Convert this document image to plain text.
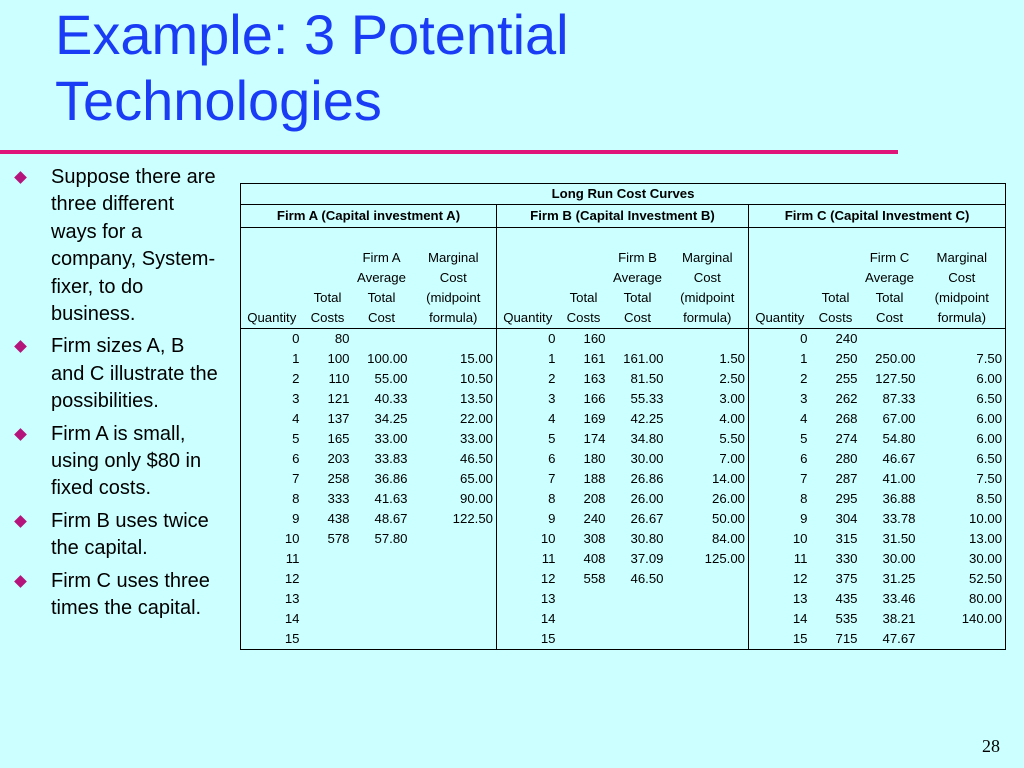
Example: 3 Potential
Technologies
Suppose there are three different ways for a company, System-fixer, to do business.
Firm sizes A, B and C illustrate the possibilities.
Firm A is small, using only $80 in fixed costs.
Firm B uses twice the capital.
Firm C uses three times the capital.
Long Run Cost Curves											
Firm A (Capital investment A)				Firm B (Capital Investment B)				Firm C (Capital Investment C)			

		Firm A	Marginal			Firm B	Marginal			Firm C	Marginal
		Average	Cost			Average	Cost			Average	Cost
	Total	Total	(midpoint		Total	Total	(midpoint		Total	Total	(midpoint
Quantity	Costs	Cost	formula)	Quantity	Costs	Cost	formula)	Quantity	Costs	Cost	formula)
0	80			0	160			0	240		
1	100	100.00	15.00	1	161	161.00	1.50	1	250	250.00	7.50
2	110	55.00	10.50	2	163	81.50	2.50	2	255	127.50	6.00
3	121	40.33	13.50	3	166	55.33	3.00	3	262	87.33	6.50
4	137	34.25	22.00	4	169	42.25	4.00	4	268	67.00	6.00
5	165	33.00	33.00	5	174	34.80	5.50	5	274	54.80	6.00
6	203	33.83	46.50	6	180	30.00	7.00	6	280	46.67	6.50
7	258	36.86	65.00	7	188	26.86	14.00	7	287	41.00	7.50
8	333	41.63	90.00	8	208	26.00	26.00	8	295	36.88	8.50
9	438	48.67	122.50	9	240	26.67	50.00	9	304	33.78	10.00
10	578	57.80		10	308	30.80	84.00	10	315	31.50	13.00
11				11	408	37.09	125.00	11	330	30.00	30.00
12				12	558	46.50		12	375	31.25	52.50
13				13				13	435	33.46	80.00
14				14				14	535	38.21	140.00
15				15				15	715	47.67	
28
